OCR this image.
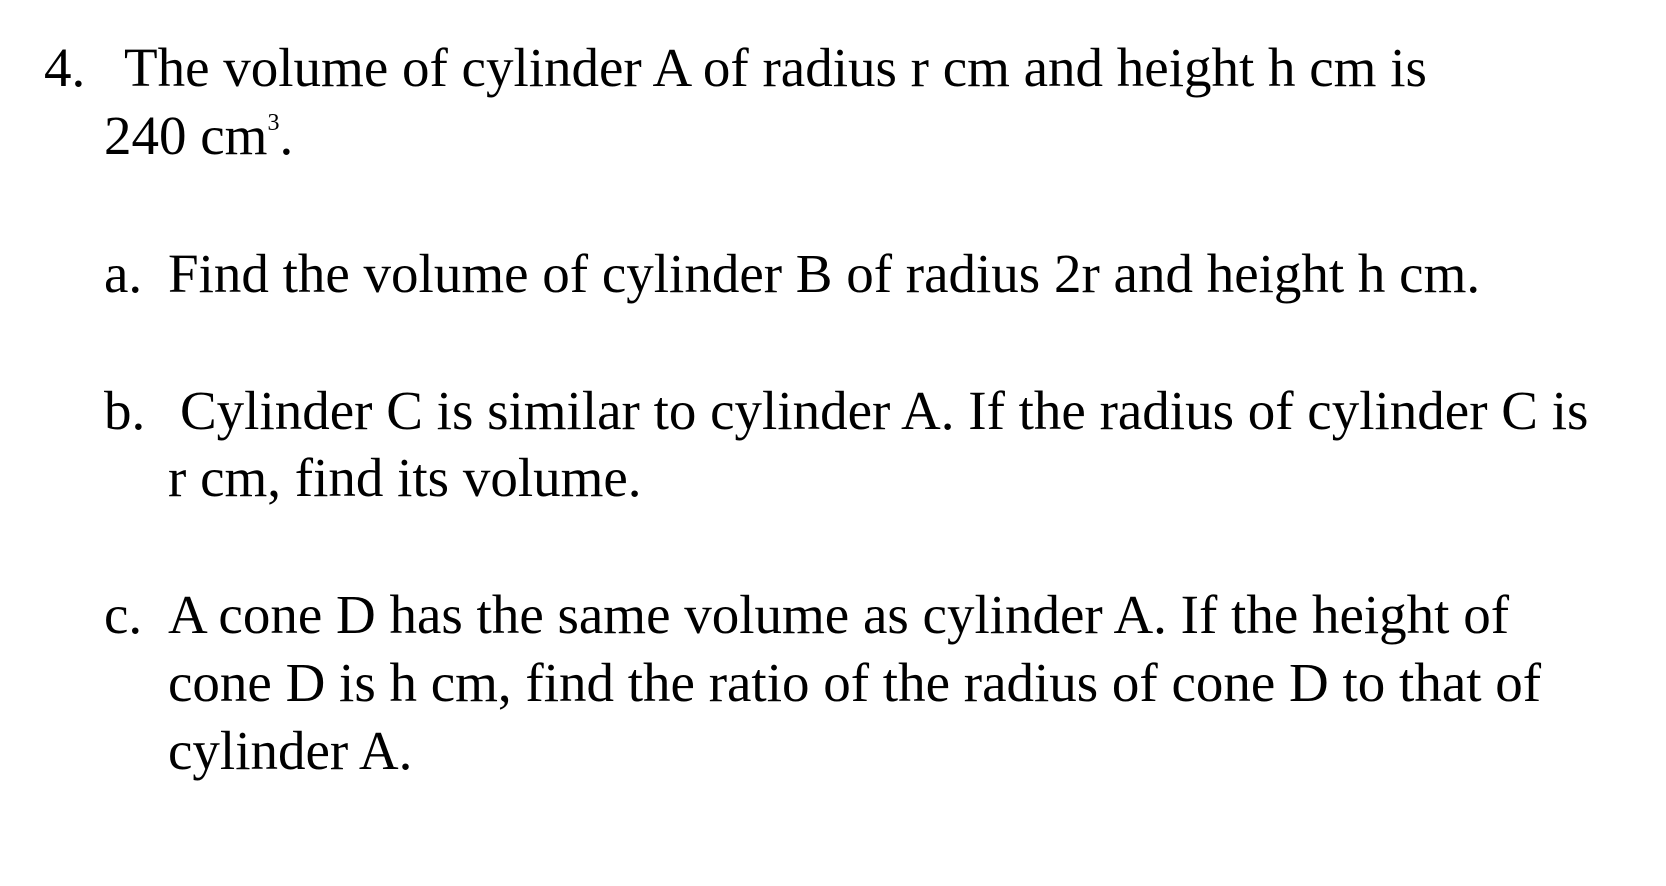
4. The volume of cylinder A of radius r cm and height h cm is
240 $cm^3$.
a. Find the volume of cylinder B of radius 2r and height h cm.
b. Cylinder C is similar to cylinder A. If the radius of cylinder C is
r cm, find its volume.
c. A cone D has the same volume as cylinder A. If the height of
cone D is h cm, find the ratio of the radius of cone D to that of
cylinder A.
